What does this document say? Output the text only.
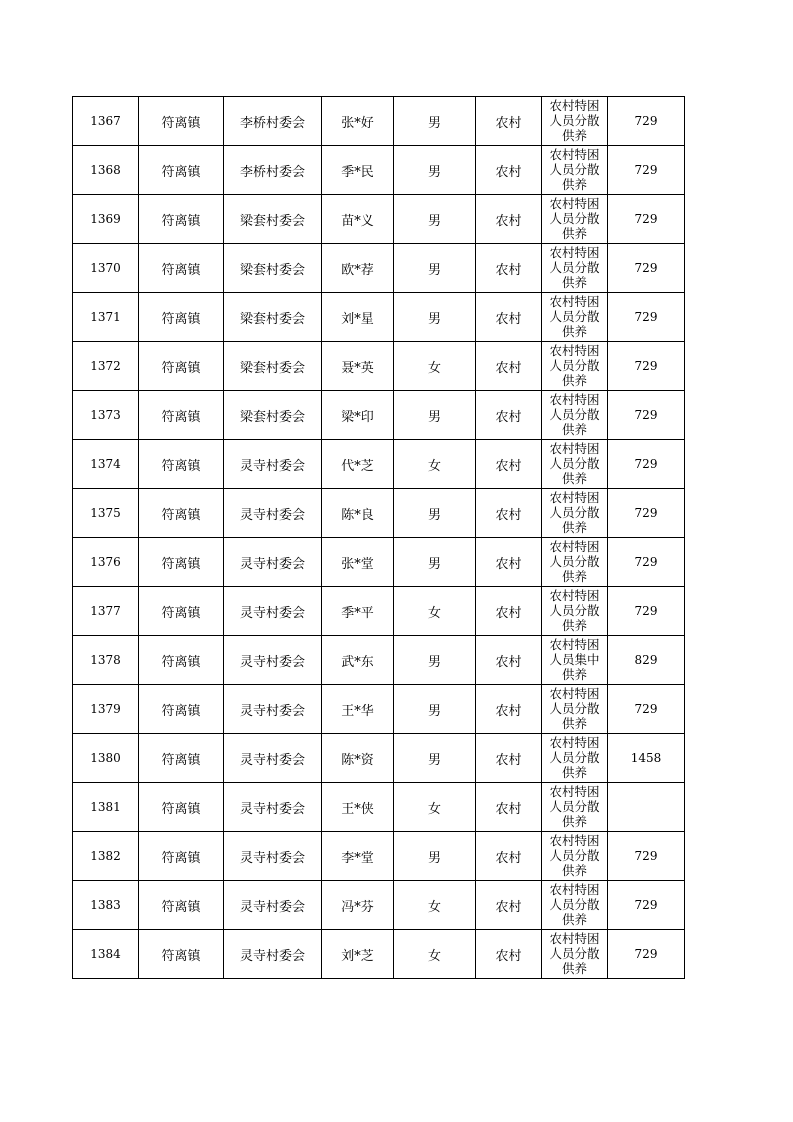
1367	符离镇	李桥村委会	张*好	男	农村	农村特困
人员分散
供养	729
1368	符离镇	李桥村委会	季*民	男	农村	农村特困
人员分散
供养	729
1369	符离镇	梁套村委会	苗*义	男	农村	农村特困
人员分散
供养	729
1370	符离镇	梁套村委会	欧*荐	男	农村	农村特困
人员分散
供养	729
1371	符离镇	梁套村委会	刘*星	男	农村	农村特困
人员分散
供养	729
1372	符离镇	梁套村委会	聂*英	女	农村	农村特困
人员分散
供养	729
1373	符离镇	梁套村委会	梁*印	男	农村	农村特困
人员分散
供养	729
1374	符离镇	灵寺村委会	代*芝	女	农村	农村特困
人员分散
供养	729
1375	符离镇	灵寺村委会	陈*良	男	农村	农村特困
人员分散
供养	729
1376	符离镇	灵寺村委会	张*堂	男	农村	农村特困
人员分散
供养	729
1377	符离镇	灵寺村委会	季*平	女	农村	农村特困
人员分散
供养	729
1378	符离镇	灵寺村委会	武*东	男	农村	农村特困
人员集中
供养	829
1379	符离镇	灵寺村委会	王*华	男	农村	农村特困
人员分散
供养	729
1380	符离镇	灵寺村委会	陈*资	男	农村	农村特困
人员分散
供养	1458
1381	符离镇	灵寺村委会	王*侠	女	农村	农村特困
人员分散
供养	

1382	符离镇	灵寺村委会	李*堂	男	农村	农村特困
人员分散
供养	729
1383	符离镇	灵寺村委会	冯*芬	女	农村	农村特困
人员分散
供养	729
1384	符离镇	灵寺村委会	刘*芝	女	农村	农村特困
人员分散
供养	729
